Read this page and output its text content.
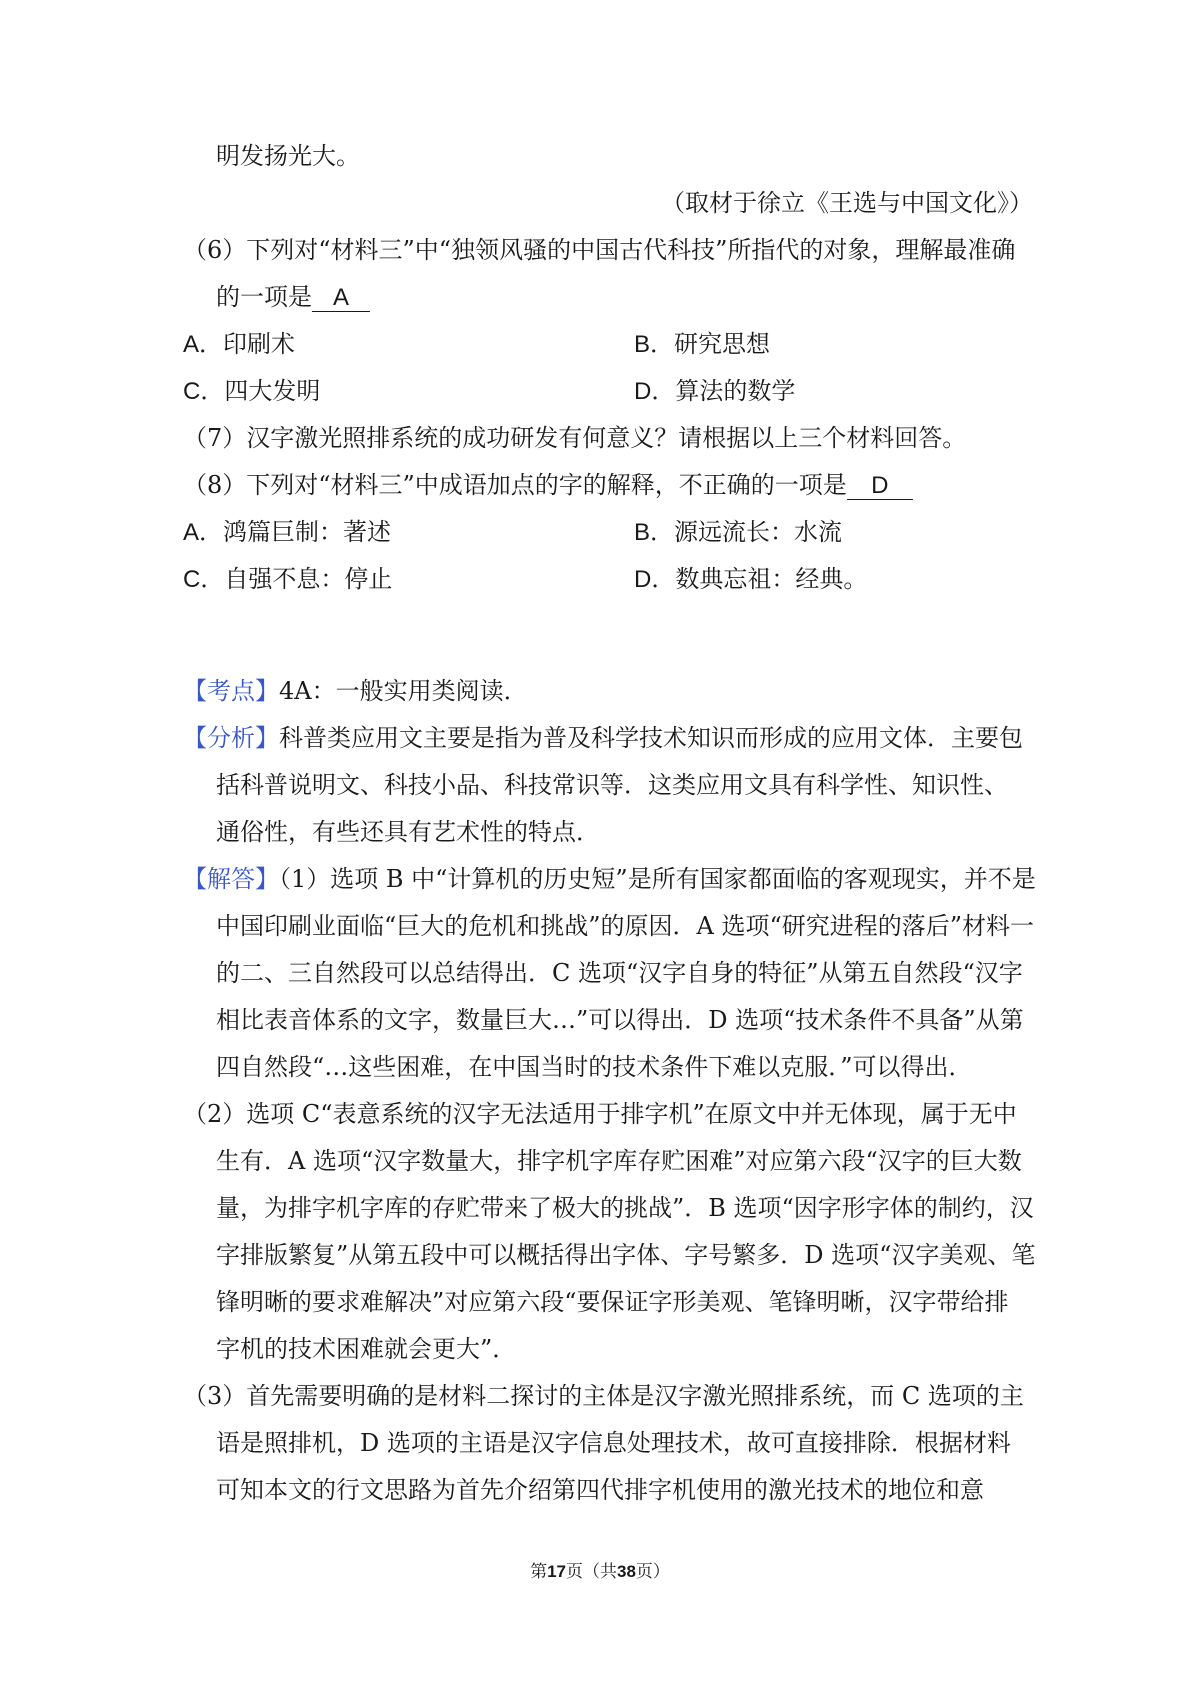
明发扬光大。
（取材于徐立《王选与中国文化》）
（6）下列对“材料三”中“独领风骚的中国古代科技”所指代的对象，理解最准确
的一项是 A
A．印刷术	B．研究思想
C．四大发明	D．算法的数学
（7）汉字激光照排系统的成功研发有何意义？请根据以上三个材料回答。
（8）下列对“材料三”中成语加点的字的解释，不正确的一项是 D
A．鸿篇巨制：著述	B．源远流长：水流
C．自强不息：停止	D．数典忘祖：经典。
【考点】4A：一般实用类阅读．
【分析】科普类应用文主要是指为普及科学技术知识而形成的应用文体．主要包
括科普说明文、科技小品、科技常识等．这类应用文具有科学性、知识性、
通俗性，有些还具有艺术性的特点．
【解答】（1）选项 B 中“计算机的历史短”是所有国家都面临的客观现实，并不是
中国印刷业面临“巨大的危机和挑战”的原因．A 选项“研究进程的落后”材料一
的二、三自然段可以总结得出．C 选项“汉字自身的特征”从第五自然段“汉字
相比表音体系的文字，数量巨大…”可以得出．D 选项“技术条件不具备”从第
四自然段“…这些困难，在中国当时的技术条件下难以克服．”可以得出．
（2）选项 C“表意系统的汉字无法适用于排字机”在原文中并无体现，属于无中
生有．A 选项“汉字数量大，排字机字库存贮困难”对应第六段“汉字的巨大数
量，为排字机字库的存贮带来了极大的挑战”．B 选项“因字形字体的制约，汉
字排版繁复”从第五段中可以概括得出字体、字号繁多．D 选项“汉字美观、笔
锋明晰的要求难解决”对应第六段“要保证字形美观、笔锋明晰，汉字带给排
字机的技术困难就会更大”．
（3）首先需要明确的是材料二探讨的主体是汉字激光照排系统，而 C 选项的主
语是照排机，D 选项的主语是汉字信息处理技术，故可直接排除．根据材料
可知本文的行文思路为首先介绍第四代排字机使用的激光技术的地位和意
第17页（共38页）
